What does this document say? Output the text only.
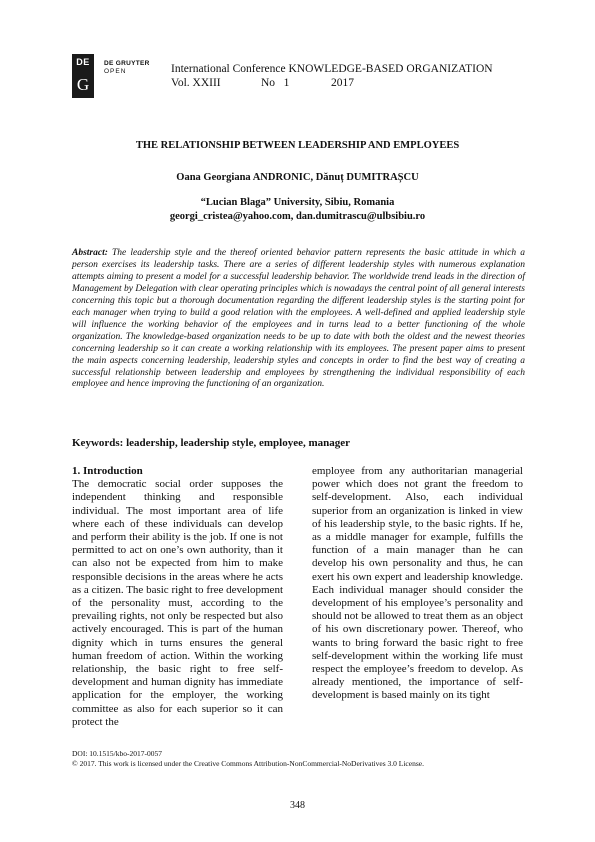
DE
G
DE GRUYTER
OPEN	International Conference KNOWLEDGE-BASED ORGANIZATION
Vol. XXIII	No   1	2017
THE RELATIONSHIP BETWEEN LEADERSHIP AND EMPLOYEES
Oana Georgiana ANDRONIC, Dănuț DUMITRAȘCU
“Lucian Blaga” University, Sibiu, Romania
georgi_cristea@yahoo.com, dan.dumitrascu@ulbsibiu.ro
Abstract: The leadership style and the thereof oriented behavior pattern represents the basic attitude in which a person exercises its leadership tasks. There are a series of different leadership styles with numerous explanation attempts aiming to present a model for a successful leadership behavior. The worldwide trend leads in the direction of Management by Delegation with clear operating principles which is nowadays the central point of all general interests concerning this topic but a thorough documentation regarding the different leadership styles is the starting point for each manager when trying to build a good relation with the employees. A well-defined and applied leadership style will influence the working behavior of the employees and in turns lead to a better functioning of the whole organization. The knowledge-based organization needs to be up to date with both the oldest and the newest theories concerning leadership so it can create a working relationship with its employees. The present paper aims to present the main aspects concerning leadership, leadership styles and concepts in order to find the best way of creating a successful relationship between leadership and employees by strengthening the individual responsibility of each employee and hence improving the functioning of an organization.
Keywords: leadership, leadership style, employee, manager
1. Introduction
The democratic social order supposes the independent thinking and responsible individual. The most important area of life where each of these individuals can develop and perform their ability is the job. If one is not permitted to act on one’s own authority, than it can also not be expected from him to make responsible decisions in the areas where he acts as a citizen. The basic right to free development of the personality must, according to the prevailing rights, not only be respected but also actively encouraged. This is part of the human dignity which in turns ensures the general human freedom of action. Within the working relationship, the basic right to free self-development and human dignity has immediate application for the employer, the working committee as also for each superior so it can protect the
employee from any authoritarian managerial power which does not grant the freedom to self-development. Also, each individual superior from an organization is linked in view of his leadership style, to the basic rights. If he, as a middle manager for example, fulfills the function of a main manager than he can develop his own personality and thus, he can exert his own expert and leadership knowledge. Each individual manager should consider the development of his employee’s personality and should not be allowed to treat them as an object of his own discretionary power. Thereof, who wants to bring forward the basic right to free self-development within the working life must respect the employee’s freedom to develop. As already mentioned, the importance of self-development is based mainly on its tight
DOI: 10.1515/kbo-2017-0057
© 2017. This work is licensed under the Creative Commons Attribution-NonCommercial-NoDerivatives 3.0 License.
348
